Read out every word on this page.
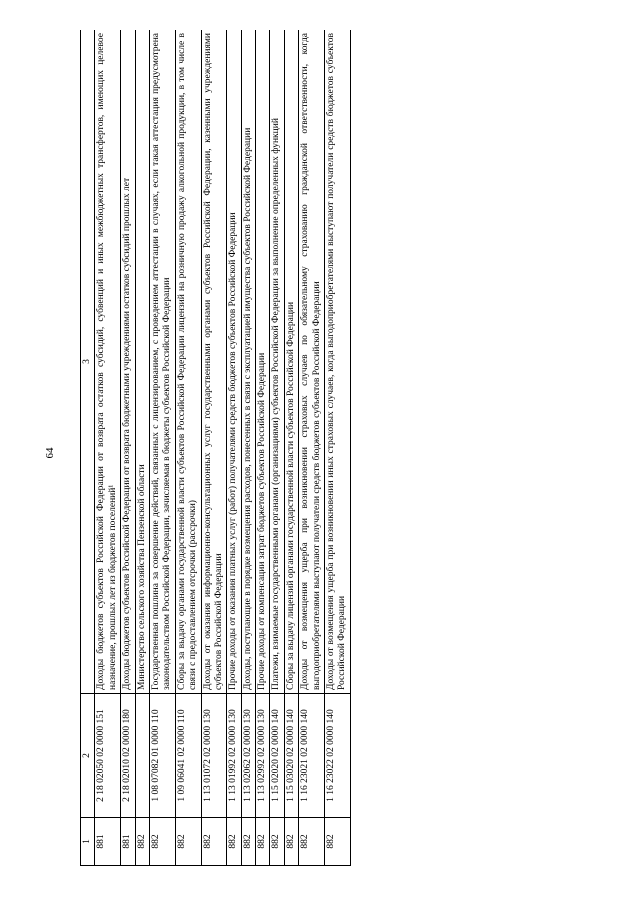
64
1	2	3
881	2 18 02050 02 0000 151	Доходы бюджетов субъектов Российской Федерации от возврата остатков субсидий, субвенций и иных межбюджетных трансфертов, имеющих целевое назначение, прошлых лет из бюджетов поселений¹
881	2 18 02010 02 0000 180	Доходы бюджетов субъектов Российской Федерации от возврата бюджетными учреждениями остатков субсидий прошлых лет
882		Министерство сельского хозяйства Пензенской области
882	1 08 07082 01 0000 110	Государственная пошлина за совершение действий, связанных с лицензированием, с проведением аттестации в случаях, если такая аттестация предусмотрена законодательством Российской Федерации, зачисляемая в бюджеты субъектов Российской Федерации
882	1 09 06041 02 0000 110	Сборы за выдачу органами государственной власти субъектов Российской Федерации лицензий на розничную продажу алкогольной продукции, в том числе в связи с предоставлением отсрочки (рассрочки)
882	1 13 01072 02 0000 130	Доходы от оказания информационно-консультационных услуг государственными органами субъектов Российской Федерации, казенными учреждениями субъектов Российской Федерации
882	1 13 01992 02 0000 130	Прочие доходы от оказания платных услуг (работ) получателями средств бюджетов субъектов Российской Федерации
882	1 13 02062 02 0000 130	Доходы, поступающие в порядке возмещения расходов, понесенных в связи с эксплуатацией имущества субъектов Российской Федерации
882	1 13 02992 02 0000 130	Прочие доходы от компенсации затрат бюджетов субъектов Российской Федерации
882	1 15 02020 02 0000 140	Платежи, взимаемые государственными органами (организациями) субъектов Российской Федерации за выполнение определенных функций
882	1 15 03020 02 0000 140	Сборы за выдачу лицензий органами государственной власти субъектов Российской Федерации
882	1 16 23021 02 0000 140	Доходы от возмещения ущерба при возникновении страховых случаев по обязательному страхованию гражданской ответственности, когда выгодоприобретателями выступают получатели средств бюджетов субъектов Российской Федерации
882	1 16 23022 02 0000 140	Доходы от возмещения ущерба при возникновении иных страховых случаев, когда выгодоприобретателями выступают получатели средств бюджетов субъектов Российской Федерации
